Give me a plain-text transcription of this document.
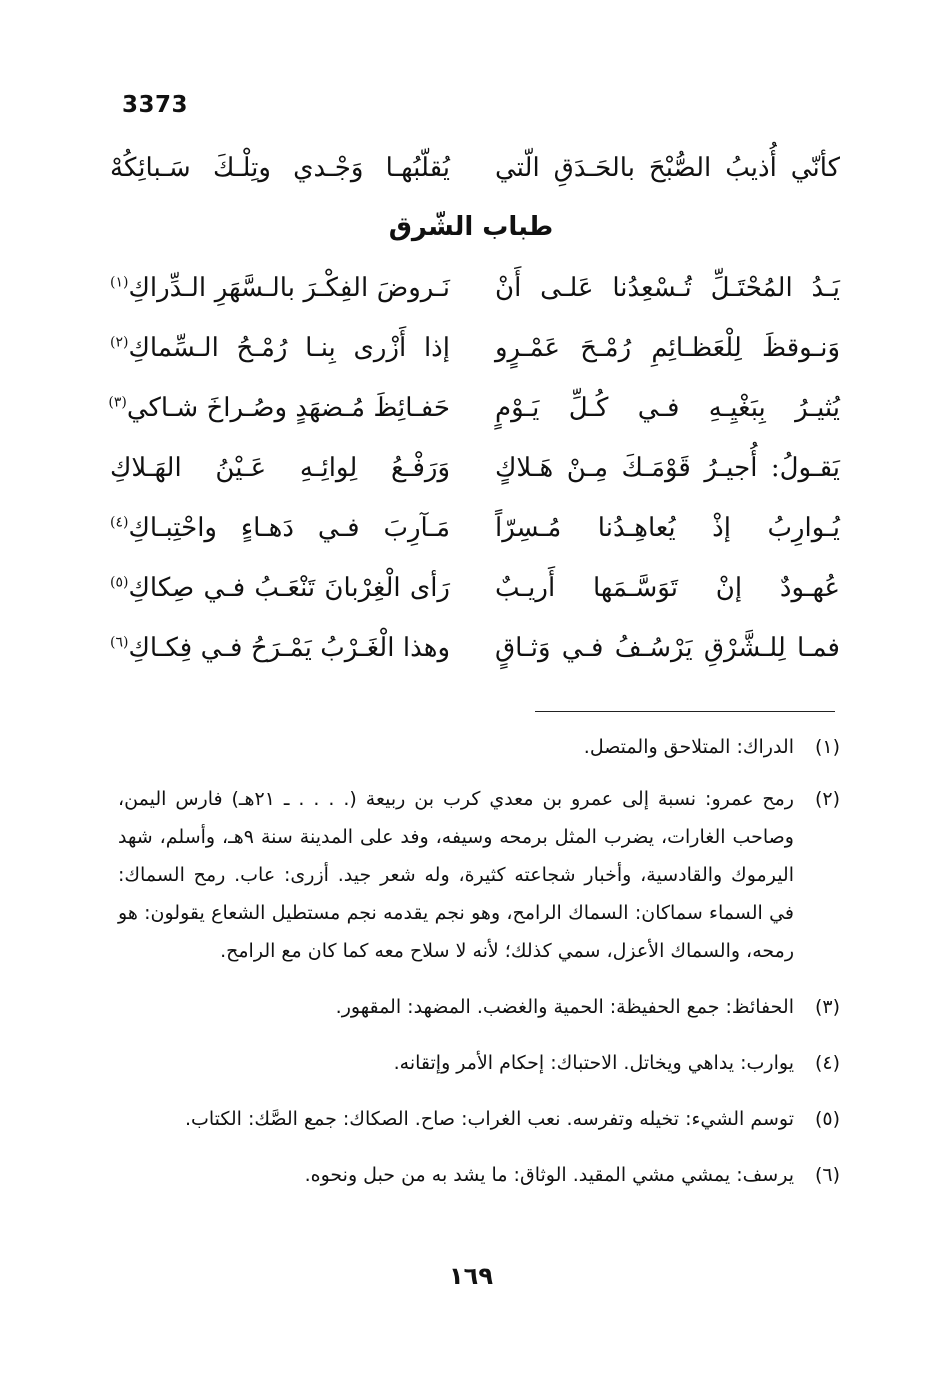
3373
كأنّي أُذيبُ الصُّبْحَ بالحَـدَقِ الّتي
يُقلّبُهـا وَجْـدي وتِلْـكَ سَـبائِكُهْ
طباب الشّرق
يَـدُ المُحْتَـلِّ تُـسْعِدُنا عَلـى أَنْ
نَـروضَ الفِكْـرَ بالـسَّهَرِ الـدِّراكِ$^{(١)}$
وَنـوقظَ لِلْعَظـائِمِ رُمْـحَ عَمْـرٍو
إذا أَزْرى بِنـا رُمْـحُ الـسِّماكِ$^{(٢)}$
يُثيـرُ بِبَغْيِـهِ فـي كُـلِّ يَـوْمٍ
حَفـائِظَ مُـضهَدٍ وصُـراخَ شـاكي$^{(٣)}$
يَقـولُ: أُجيـرُ قَوْمَـكَ مِـنْ هَـلاكٍ
وَرَفْـعُ لِوائِـهِ عَـيْنُ الهَـلاكِ
يُـوارِبُ إذْ يُعاهِـدُنا مُـسِرّاً
مَـآرِبَ فـي دَهـاءٍ واحْتِبـاكِ$^{(٤)}$
عُهـودٌ إنْ تَوَسَّـمَها أَريـبٌ
رَأى الْغِرْبانَ تَنْعَـبُ فـي صِكاكِ$^{(٥)}$
فمـا لِلـشَّرْقِ يَرْسُـفُ فـي وَثـاقٍ
وهذا الْغَـرْبُ يَمْـرَحُ فـي فِكـاكِ$^{(٦)}$
(١)
الدراك: المتلاحق والمتصل.
(٢)
رمح عمرو: نسبة إلى عمرو بن معدي كرب بن ربيعة (. . . . ـ ٢١هـ) فارس اليمن، وصاحب الغارات، يضرب المثل برمحه وسيفه، وفد على المدينة سنة ٩هـ، وأسلم، شهد اليرموك والقادسية، وأخبار شجاعته كثيرة، وله شعر جيد. أزرى: عاب. رمح السماك: في السماء سماكان: السماك الرامح، وهو نجم يقدمه نجم مستطيل الشعاع يقولون: هو رمحه، والسماك الأعزل، سمي كذلك؛ لأنه لا سلاح معه كما كان مع الرامح.
(٣)
الحفائظ: جمع الحفيظة: الحمية والغضب. المضهد: المقهور.
(٤)
يوارب: يداهي ويخاتل. الاحتباك: إحكام الأمر وإتقانه.
(٥)
توسم الشيء: تخيله وتفرسه. نعب الغراب: صاح. الصكاك: جمع الصَّك: الكتاب.
(٦)
يرسف: يمشي مشي المقيد. الوثاق: ما يشد به من حبل ونحوه.
١٦٩
